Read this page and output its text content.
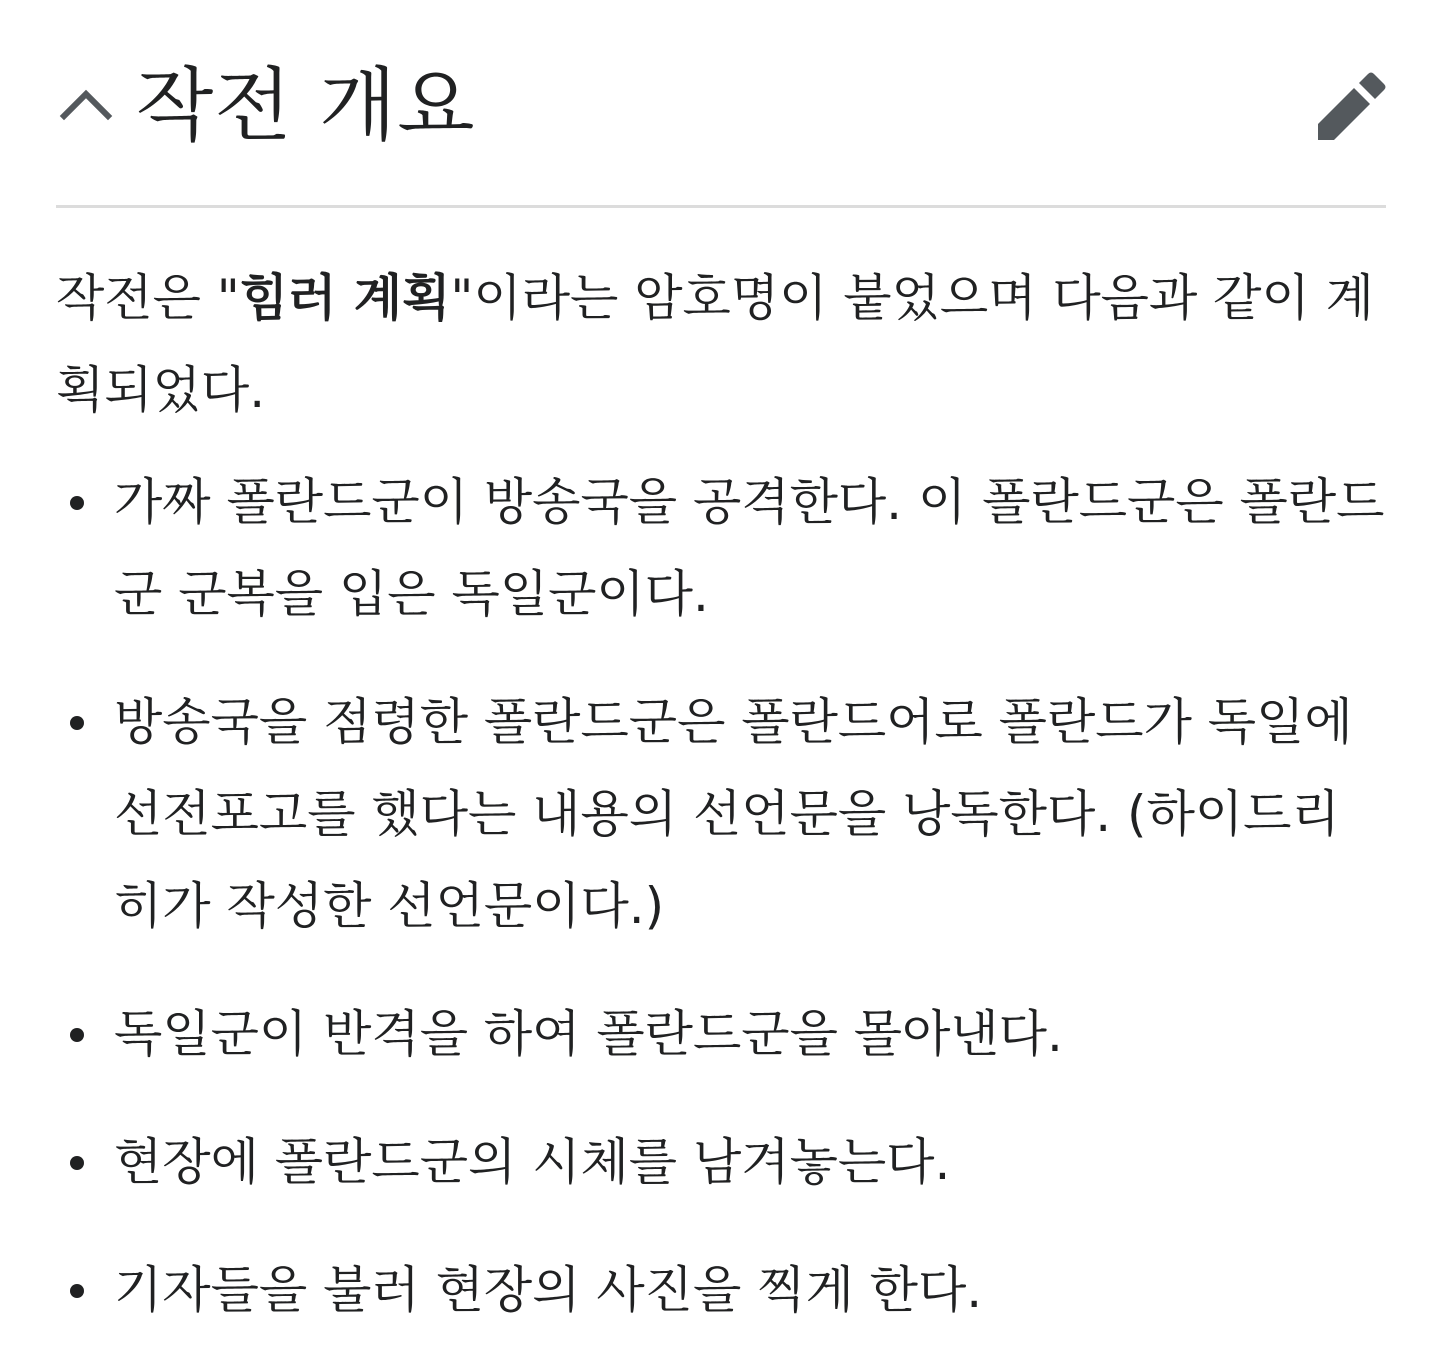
작전 개요

작전은 "힘러 계획"이라는 암호명이 붙었으며 다음과 같이 계획되었다.

가짜 폴란드군이 방송국을 공격한다. 이 폴란드군은 폴란드군 군복을 입은 독일군이다.
방송국을 점령한 폴란드군은 폴란드어로 폴란드가 독일에 선전포고를 했다는 내용의 선언문을 낭독한다. (하이드리히가 작성한 선언문이다.)
독일군이 반격을 하여 폴란드군을 몰아낸다.
현장에 폴란드군의 시체를 남겨놓는다.
기자들을 불러 현장의 사진을 찍게 한다.
